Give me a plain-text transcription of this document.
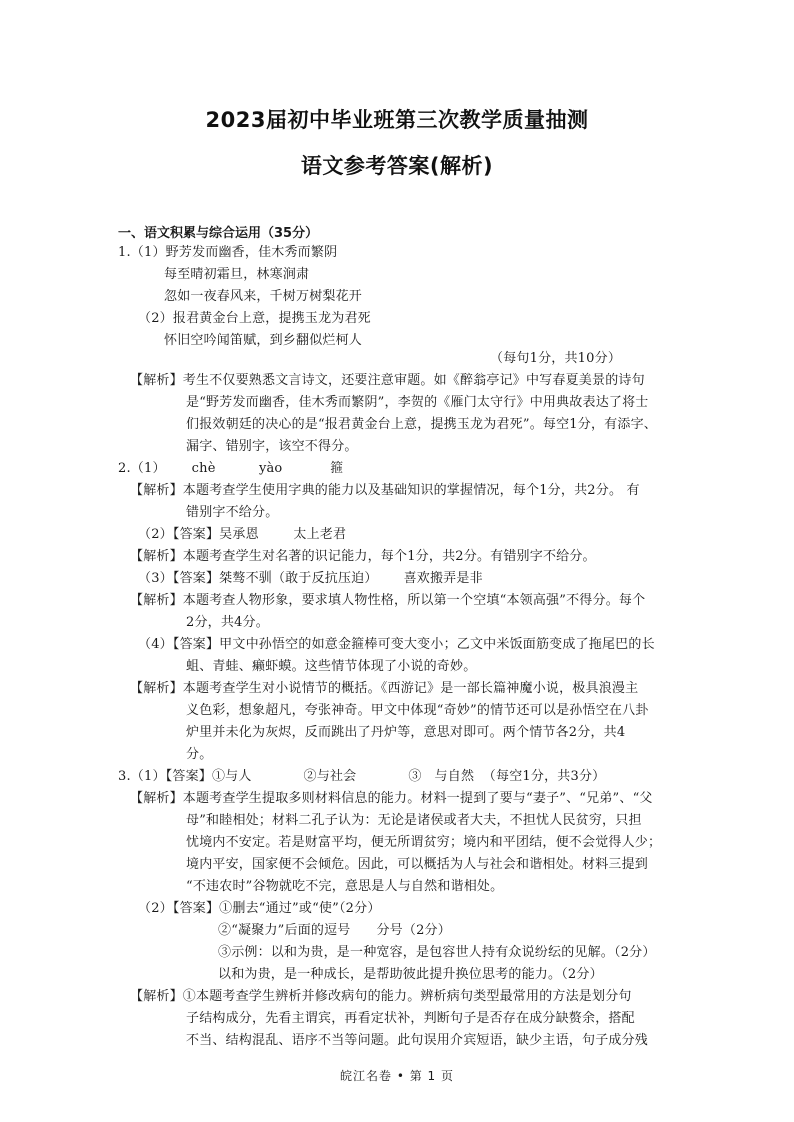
2023届初中毕业班第三次教学质量抽测
语文参考答案(解析)
一、语文积累与综合运用（35分）
1.（1）野芳发而幽香，佳木秀而繁阴
每至晴初霜旦，林寒涧肃
忽如一夜春风来，千树万树梨花开
（2）报君黄金台上意，提携玉龙为君死
怀旧空吟闻笛赋，到乡翻似烂柯人
（每句1分，共10分）
【解析】考生不仅要熟悉文言诗文，还要注意审题。如《醉翁亭记》中写春夏美景的诗句
是“野芳发而幽香，佳木秀而繁阴”，李贺的《雁门太守行》中用典故表达了将士
们报效朝廷的决心的是“报君黄金台上意，提携玉龙为君死”。每空1分，有添字、
漏字、错别字，该空不得分。
2.（1）      chè          yào           箍
【解析】本题考查学生使用字典的能力以及基础知识的掌握情况，每个1分，共2分。 有
错别字不给分。
（2）【答案】吴承恩        太上老君
【解析】本题考查学生对名著的识记能力，每个1分，共2分。有错别字不给分。
（3）【答案】桀骜不驯（敢于反抗压迫）      喜欢搬弄是非
【解析】本题考查人物形象，要求填人物性格，所以第一个空填“本领高强”不得分。每个
2分，共4分。
（4）【答案】甲文中孙悟空的如意金箍棒可变大变小；乙文中米饭面筋变成了拖尾巴的长
蛆、青蛙、癞虾蟆。这些情节体现了小说的奇妙。
【解析】本题考查学生对小说情节的概括。《西游记》是一部长篇神魔小说，极具浪漫主
义色彩，想象超凡，夸张神奇。甲文中体现“奇妙”的情节还可以是孙悟空在八卦
炉里并未化为灰烬，反而跳出了丹炉等，意思对即可。两个情节各2分，共4
分。
3.（1）【答案】①与人            ②与社会            ③   与自然  （每空1分，共3分）
【解析】本题考查学生提取多则材料信息的能力。材料一提到了要与“妻子”、“兄弟”、“父
母”和睦相处；材料二孔子认为：无论是诸侯或者大夫，不担忧人民贫穷，只担
忧境内不安定。若是财富平均，便无所谓贫穷；境内和平团结，便不会觉得人少；
境内平安，国家便不会倾危。因此，可以概括为人与社会和谐相处。材料三提到
“不违农时”谷物就吃不完，意思是人与自然和谐相处。
（2）【答案】①删去“通过”或“使”（2分）
②“凝聚力”后面的逗号      分号（2分）
③示例：以和为贵，是一种宽容，是包容世人持有众说纷纭的见解。（2分）
以和为贵，是一种成长，是帮助彼此提升换位思考的能力。（2分）
【解析】①本题考查学生辨析并修改病句的能力。辨析病句类型最常用的方法是划分句
子结构成分，先看主谓宾，再看定状补，判断句子是否存在成分缺赘余，搭配
不当、结构混乱、语序不当等问题。此句误用介宾短语，缺少主语，句子成分残
皖江名卷 • 第 1 页
